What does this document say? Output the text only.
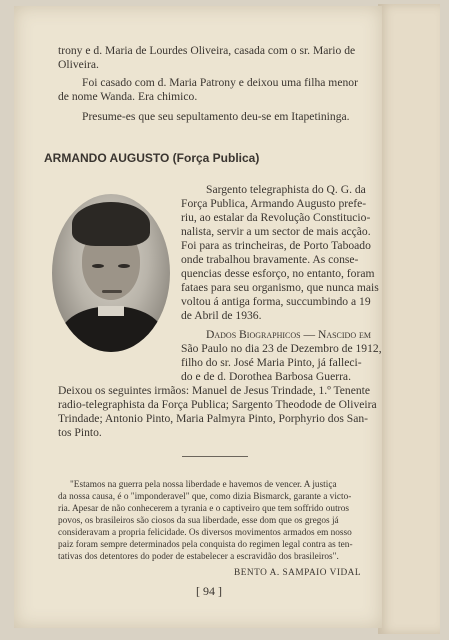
trony e d. Maria de Lourdes Oliveira, casada com o sr. Mario de
Oliveira.
Foi casado com d. Maria Patrony e deixou uma filha menor
de nome Wanda. Era chimico.
Presume-es que seu sepultamento deu-se em Itapetininga.
ARMANDO AUGUSTO (Força Publica)
Sargento telegraphista do Q. G. da
Força Publica, Armando Augusto prefe-
riu, ao estalar da Revolução Constitucio-
nalista, servir a um sector de mais acção.
Foi para as trincheiras, de Porto Taboado
onde trabalhou bravamente. As conse-
quencias desse esforço, no entanto, foram
fataes para seu organismo, que nunca mais
voltou á antiga forma, succumbindo a 19
de Abril de 1936.
Dados Biographicos — Nascido em
São Paulo no dia 23 de Dezembro de 1912,
filho do sr. José Maria Pinto, já falleci-
do e de d. Dorothea Barbosa Guerra.
Deixou os seguintes irmãos: Manuel de Jesus Trindade, 1.º Tenente
radio-telegraphista da Força Publica; Sargento Theodode de Oliveira
Trindade; Antonio Pinto, Maria Palmyra Pinto, Porphyrio dos San-
tos Pinto.
"Estamos na guerra pela nossa liberdade e havemos de vencer. A justiça
da nossa causa, é o "imponderavel" que, como dizia Bismarck, garante a victo-
ria. Apesar de não conhecerem a tyrania e o captiveiro que tem soffrido outros
povos, os brasileiros são ciosos da sua liberdade, esse dom que os gregos já
consideravam a propria felicidade. Os diversos movimentos armados em nosso
paiz foram sempre determinados pela conquista do regimen legal contra as ten-
tativas dos detentores do poder de estabelecer a escravidão dos brasileiros".
BENTO A. SAMPAIO VIDAL
[ 94 ]
